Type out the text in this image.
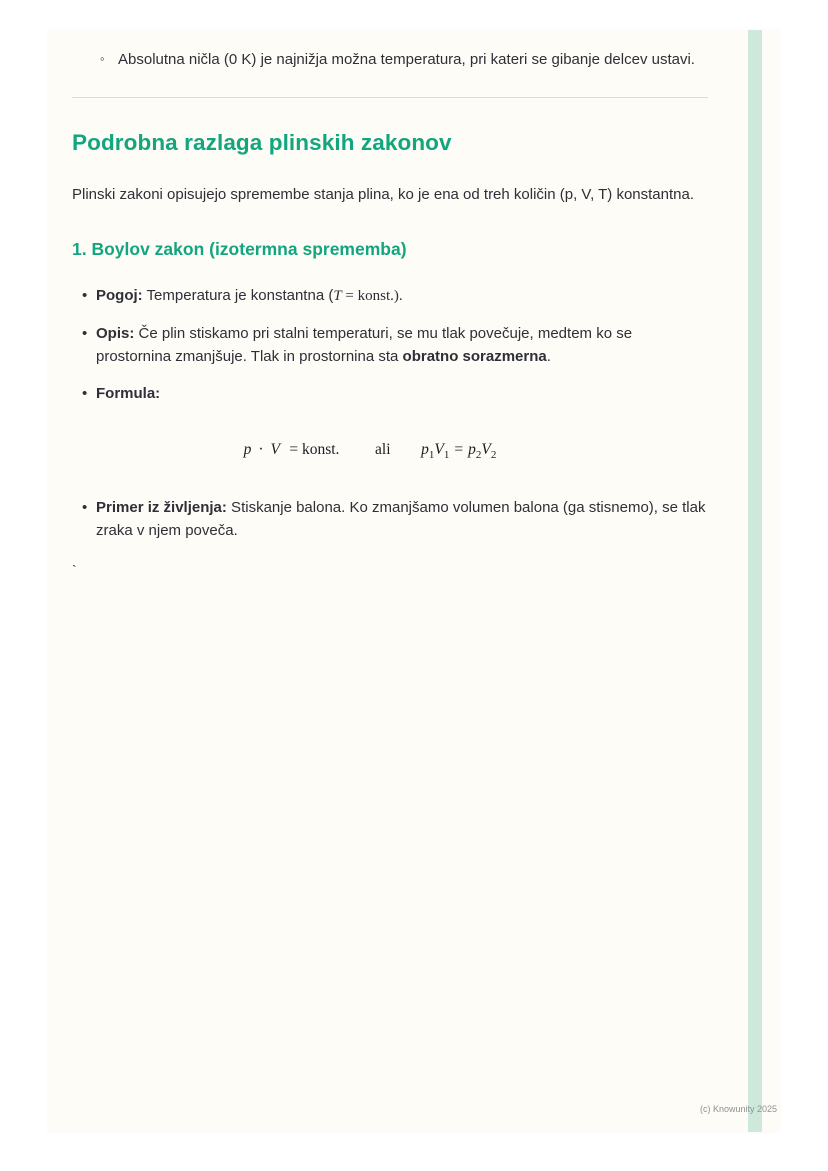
◦ Absolutna ničla (0 K) je najnižja možna temperatura, pri kateri se gibanje delcev ustavi.
Podrobna razlaga plinskih zakonov

Plinski zakoni opisujejo spremembe stanja plina, ko je ena od treh količin (p, V, T) konstantna.

1. Boylov zakon (izotermna sprememba)
• Pogoj: Temperatura je konstantna (T = konst.).
• Opis: Če plin stiskamo pri stalni temperaturi, se mu tlak povečuje, medtem ko se prostornina zmanjšuje. Tlak in prostornina sta obratno sorazmerna.
• Formula:
p · V = konst. ali $p_1V_1 = p_2V_2$
• Primer iz življenja: Stiskanje balona. Ko zmanjšamo volumen balona (ga stisnemo), se tlak zraka v njem poveča.
`
(c) Knowunity 2025
